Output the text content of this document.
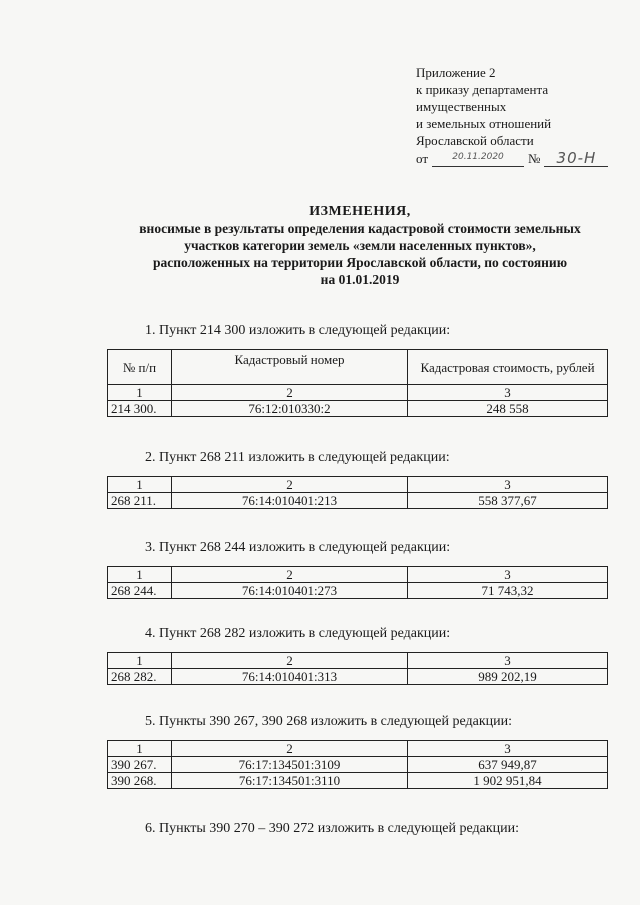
Приложение 2
к приказу департамента
имущественных
и земельных отношений
Ярославской области
от	20.11.2020	№	30-Н
ИЗМЕНЕНИЯ,
вносимые в результаты определения кадастровой стоимости земельных
участков категории земель «земли населенных пунктов»,
расположенных на территории Ярославской области, по состоянию
на 01.01.2019
1. Пункт 214 300 изложить в следующей редакции:
№ п/п	Кадастровый номер	Кадастровая стоимость, рублей
1	2	3
214 300.	76:12:010330:2	248 558
2. Пункт 268 211 изложить в следующей редакции:
1	2	3
268 211.	76:14:010401:213	558 377,67
3. Пункт 268 244 изложить в следующей редакции:
1	2	3
268 244.	76:14:010401:273	71 743,32
4. Пункт 268 282 изложить в следующей редакции:
1	2	3
268 282.	76:14:010401:313	989 202,19
5. Пункты 390 267, 390 268 изложить в следующей редакции:
1	2	3
390 267.	76:17:134501:3109	637 949,87
390 268.	76:17:134501:3110	1 902 951,84
6. Пункты 390 270 – 390 272 изложить в следующей редакции:
